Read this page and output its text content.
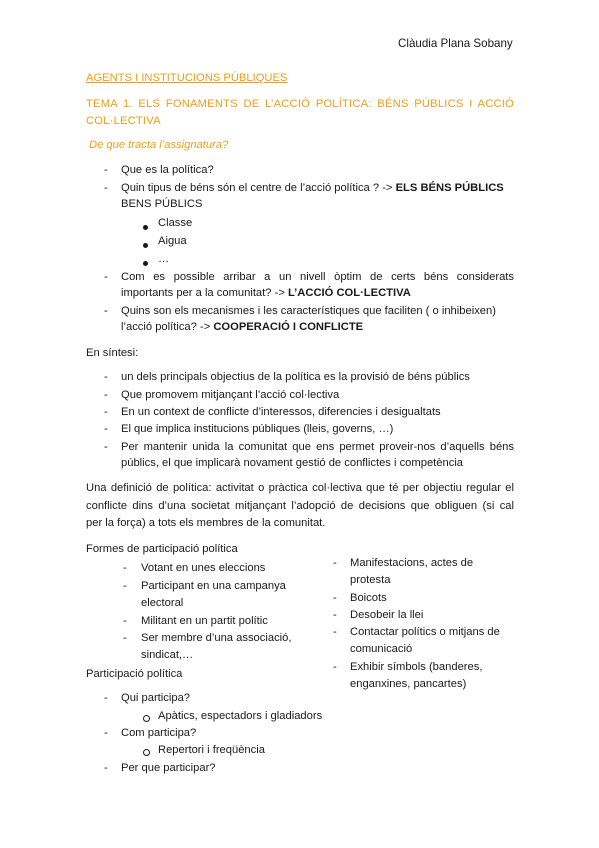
Clàudia Plana Sobany
AGENTS I INSTITUCIONS PÚBLIQUES
TEMA 1. ELS FONAMENTS DE L’ACCIÓ POLÍTICA: BÉNS PÚBLICS I ACCIÓ COL·LECTIVA
De que tracta l’assignatura?
- Que es la política?
- Quin tipus de béns són el centre de l’acció política ? -> ELS BÉNS PÚBLICS
BENS PÚBLICS
Classe
Aigua
…
- Com es possible arribar a un nivell òptim de certs béns considerats
importants per a la comunitat? -> L’ACCIÓ COL·LECTIVA
- Quins son els mecanismes i les característiques que faciliten ( o inhibeixen)
l’acció política? -> COOPERACIÓ I CONFLICTE
En síntesi:
- un dels principals objectius de la política es la provisió de béns públics
- Que promovem mitjançant l’acció col·lectiva
- En un context de conflicte d’interessos, diferencies i desigualtats
- El que implica institucions públiques (lleis, governs, …)
- Per mantenir unida la comunitat que ens permet proveir-nos d’aquells béns
públics, el que implicarà novament gestió de conflictes i competència
Una definició de política: activitat o pràctica col·lectiva que té per objectiu regular el
conflicte dins d’una societat mitjançant l’adopció de decisions que obliguen (si cal
per la força) a tots els membres de la comunitat.
Formes de participació política
- Votant en unes eleccions
- Participant en una campanya
electoral
- Militant en un partit polític
- Ser membre d’una associació,
sindicat,…
- Manifestacions, actes de
protesta
- Boicots
- Desobeir la llei
- Contactar polítics o mitjans de
comunicació
- Exhibir símbols (banderes,
enganxines, pancartes)
Participació política
- Qui participa?
Apàtics, espectadors i gladiadors
- Com participa?
Repertori i freqüència
- Per que participar?
